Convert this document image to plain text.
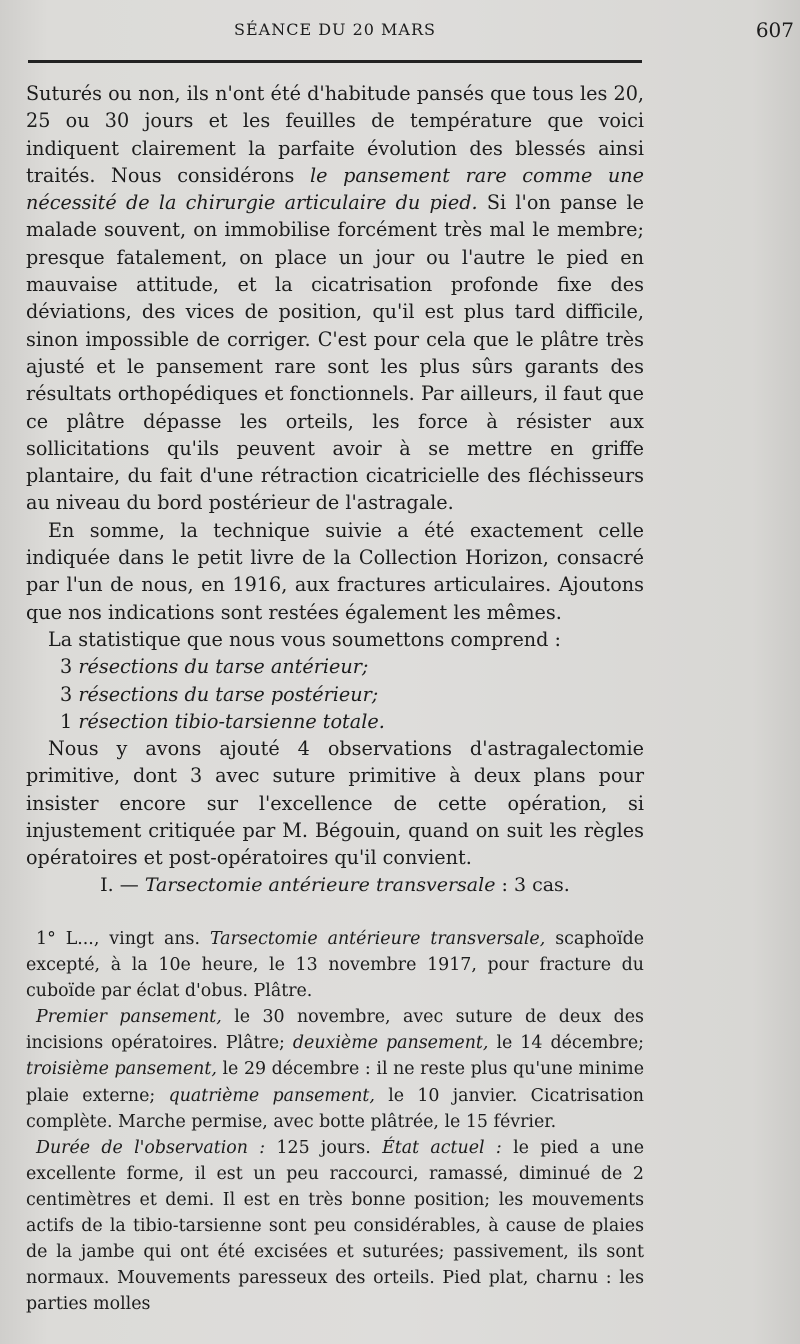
SÉANCE DU 20 MARS	607

Suturés ou non, ils n'ont été d'habitude pansés que tous les 20, 25 ou 30 jours et les feuilles de température que voici indiquent clairement la parfaite évolution des blessés ainsi traités. Nous considérons le pansement rare comme une nécessité de la chirurgie articulaire du pied. Si l'on panse le malade souvent, on immobilise forcément très mal le membre; presque fatalement, on place un jour ou l'autre le pied en mauvaise attitude, et la cicatrisation profonde fixe des déviations, des vices de position, qu'il est plus tard difficile, sinon impossible de corriger. C'est pour cela que le plâtre très ajusté et le pansement rare sont les plus sûrs garants des résultats orthopédiques et fonctionnels. Par ailleurs, il faut que ce plâtre dépasse les orteils, les force à résister aux sollicitations qu'ils peuvent avoir à se mettre en griffe plantaire, du fait d'une rétraction cicatricielle des fléchisseurs au niveau du bord postérieur de l'astragale.

En somme, la technique suivie a été exactement celle indiquée dans le petit livre de la Collection Horizon, consacré par l'un de nous, en 1916, aux fractures articulaires. Ajoutons que nos indications sont restées également les mêmes.

La statistique que nous vous soumettons comprend :

3 résections du tarse antérieur;

3 résections du tarse postérieur;

1 résection tibio-tarsienne totale.

Nous y avons ajouté 4 observations d'astragalectomie primitive, dont 3 avec suture primitive à deux plans pour insister encore sur l'excellence de cette opération, si injustement critiquée par M. Bégouin, quand on suit les règles opératoires et post-opératoires qu'il convient.

I. — Tarsectomie antérieure transversale : 3 cas.

1° L..., vingt ans. Tarsectomie antérieure transversale, scaphoïde excepté, à la 10e heure, le 13 novembre 1917, pour fracture du cuboïde par éclat d'obus. Plâtre.

Premier pansement, le 30 novembre, avec suture de deux des incisions opératoires. Plâtre; deuxième pansement, le 14 décembre; troisième pansement, le 29 décembre : il ne reste plus qu'une minime plaie externe; quatrième pansement, le 10 janvier. Cicatrisation complète. Marche permise, avec botte plâtrée, le 15 février.

Durée de l'observation : 125 jours. État actuel : le pied a une excellente forme, il est un peu raccourci, ramassé, diminué de 2 centimètres et demi. Il est en très bonne position; les mouvements actifs de la tibio-tarsienne sont peu considérables, à cause de plaies de la jambe qui ont été excisées et suturées; passivement, ils sont normaux. Mouvements paresseux des orteils. Pied plat, charnu : les parties molles
